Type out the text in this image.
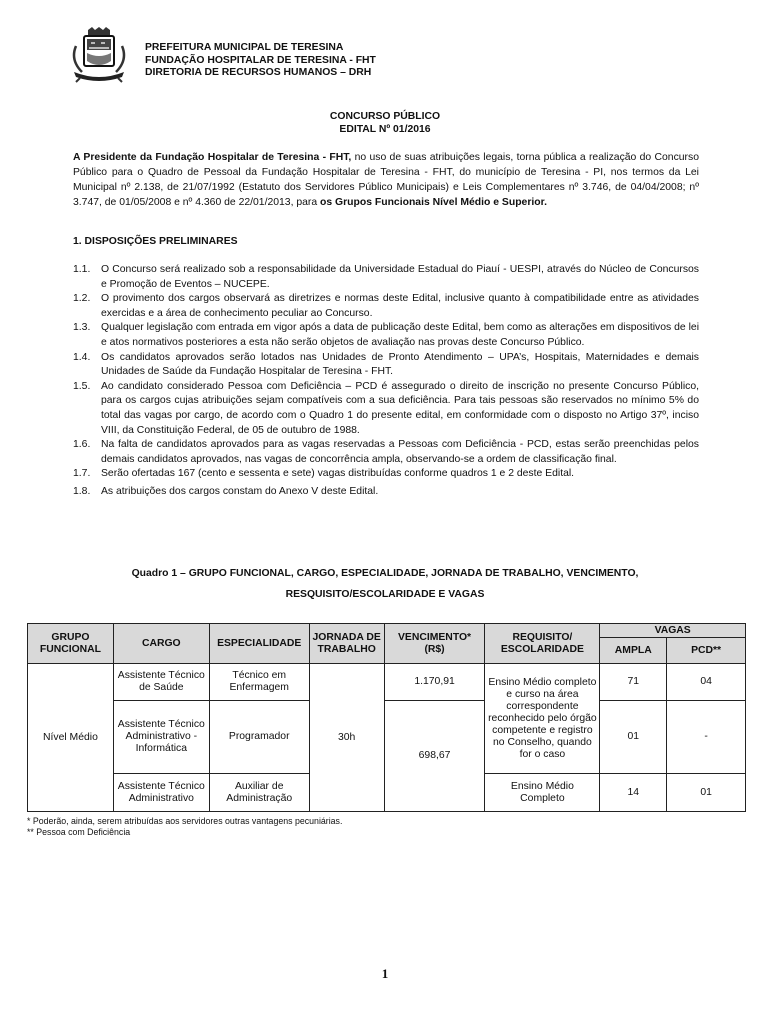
PREFEITURA MUNICIPAL DE TERESINA
FUNDAÇÃO HOSPITALAR DE TERESINA - FHT
DIRETORIA DE RECURSOS HUMANOS – DRH
CONCURSO PÚBLICO
EDITAL Nº 01/2016
A Presidente da Fundação Hospitalar de Teresina - FHT, no uso de suas atribuições legais, torna pública a realização do Concurso Público para o Quadro de Pessoal da Fundação Hospitalar de Teresina - FHT, do município de Teresina - PI, nos termos da Lei Municipal nº 2.138, de 21/07/1992 (Estatuto dos Servidores Público Municipais) e Leis Complementares nº 3.746, de 04/04/2008; nº 3.747, de 01/05/2008 e nº 4.360 de 22/01/2013, para os Grupos Funcionais Nível Médio e Superior.
1. DISPOSIÇÕES PRELIMINARES
1.1.	O Concurso será realizado sob a responsabilidade da Universidade Estadual do Piauí - UESPI, através do Núcleo de Concursos e Promoção de Eventos – NUCEPE.
1.2.	O provimento dos cargos observará as diretrizes e normas deste Edital, inclusive quanto à compatibilidade entre as atividades exercidas e a área de conhecimento peculiar ao Concurso.
1.3.	Qualquer legislação com entrada em vigor após a data de publicação deste Edital, bem como as alterações em dispositivos de lei e atos normativos posteriores a esta não serão objetos de avaliação nas provas deste Concurso Público.
1.4.	Os candidatos aprovados serão lotados nas Unidades de Pronto Atendimento – UPA’s, Hospitais, Maternidades e demais Unidades de Saúde da Fundação Hospitalar de Teresina - FHT.
1.5.	Ao candidato considerado Pessoa com Deficiência – PCD é assegurado o direito de inscrição no presente Concurso Público, para os cargos cujas atribuições sejam compatíveis com a sua deficiência. Para tais pessoas são reservados no mínimo 5% do total das vagas por cargo, de acordo com o Quadro 1 do presente edital, em conformidade com o disposto no Artigo 37º, inciso VIII, da Constituição Federal, de 05 de outubro de 1988.
1.6.	Na falta de candidatos aprovados para as vagas reservadas a Pessoas com Deficiência - PCD, estas serão preenchidas pelos demais candidatos aprovados, nas vagas de concorrência ampla, observando-se a ordem de classificação final.
1.7.	Serão ofertadas 167 (cento e sessenta e sete) vagas distribuídas conforme quadros 1 e 2 deste Edital.
1.8.	As atribuições dos cargos constam do Anexo V deste Edital.
Quadro 1 – GRUPO FUNCIONAL, CARGO, ESPECIALIDADE, JORNADA DE TRABALHO, VENCIMENTO,
RESQUISITO/ESCOLARIDADE E VAGAS
GRUPO FUNCIONAL	CARGO	ESPECIALIDADE	JORNADA DE TRABALHO	VENCIMENTO* (R$)	REQUISITO/ ESCOLARIDADE	VAGAS	
						AMPLA	PCD**
Nível Médio	Assistente Técnico de Saúde	Técnico em Enfermagem	30h	1.170,91	Ensino Médio completo e curso na área correspondente reconhecido pelo órgão competente e registro no Conselho, quando for o caso	71	04
	Assistente Técnico Administrativo - Informática	Programador		698,67		01	-
	Assistente Técnico Administrativo	Auxiliar de Administração			Ensino Médio Completo	14	01
* Poderão, ainda, serem atribuídas aos servidores outras vantagens pecuniárias.
** Pessoa com Deficiência
1
